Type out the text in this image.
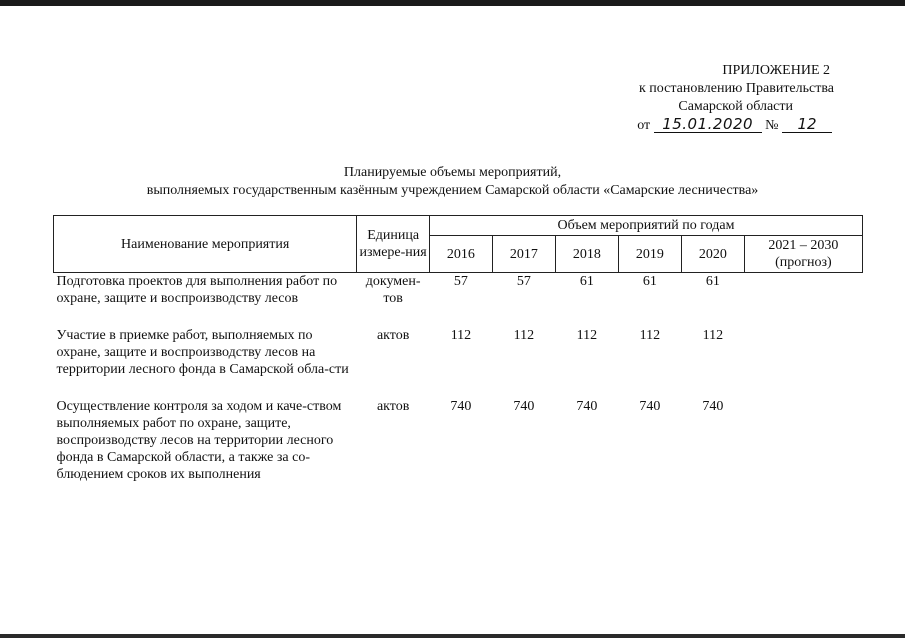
ПРИЛОЖЕНИЕ 2
к постановлению Правительства
Самарской области
от 15.01.2020 № 12
Планируемые объемы мероприятий,
выполняемых государственным казённым учреждением Самарской области «Самарские лесничества»
Наименование мероприятия	Единица измере-ния	Объем мероприятий по годам					
		2016	2017	2018	2019	2020	2021 – 2030 (прогноз)
Подготовка проектов для выполнения работ по охране, защите и воспроизводству лесов	докумен-тов	57	57	61	61	61	
Участие в приемке работ, выполняемых по охране, защите и воспроизводству лесов на территории лесного фонда в Самарской обла-сти	актов	112	112	112	112	112	
Осуществление контроля за ходом и каче-ством выполняемых работ по охране, защите, воспроизводству лесов на территории лесного фонда в Самарской области, а также за со-блюдением сроков их выполнения	актов	740	740	740	740	740	
